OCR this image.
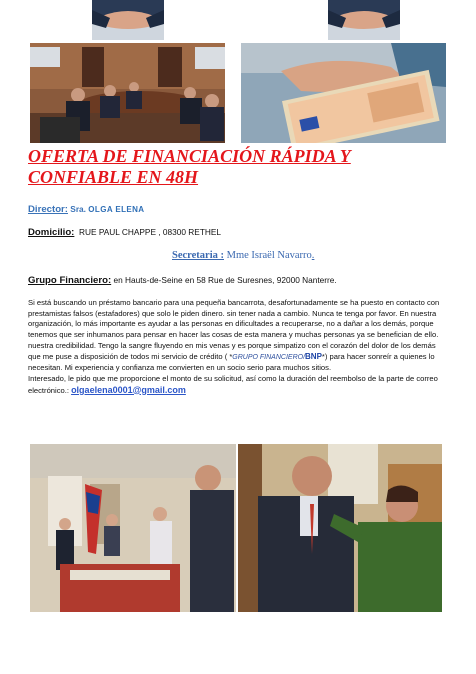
OFERTA DE FINANCIACIÓN RÁPIDA Y CONFIABLE EN 48H
Director: Sra. OLGA ELENA
Domicilio: RUE PAUL CHAPPE , 08300 RETHEL
Secretaria : Mme Israël Navarro.
Grupo Financiero: en Hauts-de-Seine en 58 Rue de Suresnes, 92000 Nanterre.

Si está buscando un préstamo bancario para una pequeña bancarrota, desafortunadamente se ha puesto en contacto con prestamistas falsos (estafadores) que solo le piden dinero. sin tener nada a cambio. Nunca te tenga por favor. En nuestra organización, lo más importante es ayudar a las personas en dificultades a recuperarse, no a dañar a los demás, porque tenemos que ser inhumanos para pensar en hacer las cosas de esta manera y muchas personas ya se benefician de ello. nuestra credibilidad. Tengo la sangre fluyendo en mis venas y es porque simpatizo con el corazón del dolor de los demás que me puse a disposición de todos mi servicio de crédito ( *GRUPO FINANCIERO/BNP*) para hacer sonreír a quienes lo necesitan. Mi experiencia y confianza me convierten en un socio serio para muchos sitios.

Interesado, le pido que me proporcione el monto de su solicitud, así como la duración del reembolso de la parte de correo electrónico.: olgaelena0001@gmail.com
